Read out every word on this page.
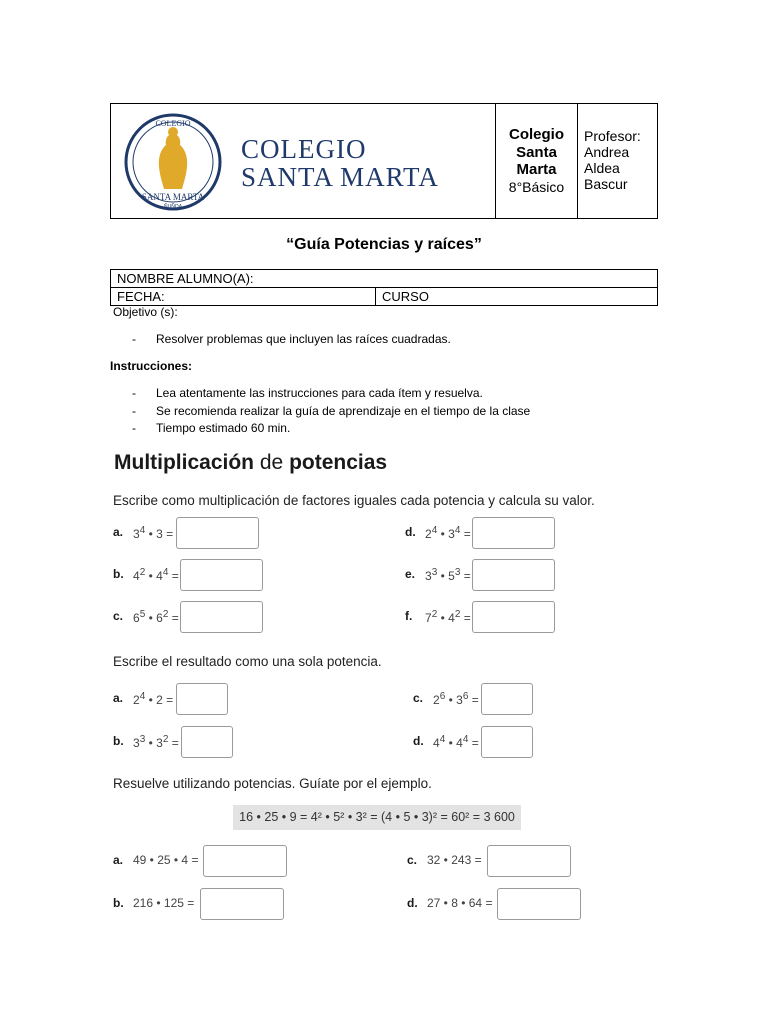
COLEGIO
SANTA MARTA
ÑUÑOA
COLEGIO
SANTA MARTA
Colegio
Santa
Marta
8°Básico
Profesor:
Andrea
Aldea
Bascur
“Guía Potencias y raíces”
NOMBRE ALUMNO(A):
FECHA:	CURSO
Objetivo (s):
- Resolver problemas que incluyen las raíces cuadradas.
Instrucciones:
- Lea atentamente las instrucciones para cada ítem y resuelva.
- Se recomienda realizar la guía de aprendizaje en el tiempo de la clase
- Tiempo estimado 60 min.
Multiplicación de potencias
Escribe como multiplicación de factores iguales cada potencia y calcula su valor.
a. $3^4$ • 3 =
b. $4^2$ • $4^4$ =
c. $6^5$ • $6^2$ =
d. $2^4$ • $3^4$ =
e. $3^3$ • $5^3$ =
f. $7^2$ • $4^2$ =
Escribe el resultado como una sola potencia.
a. $2^4$ • 2 =
b. $3^3$ • $3^2$ =
c. $2^6$ • $3^6$ =
d. $4^4$ • $4^4$ =
Resuelve utilizando potencias. Guíate por el ejemplo.
16 • 25 • 9 = 4² • 5² • 3² = (4 • 5 • 3)² = 60² = 3 600
a. 49 • 25 • 4 =
b. 216 • 125 =
c. 32 • 243 =
d. 27 • 8 • 64 =
